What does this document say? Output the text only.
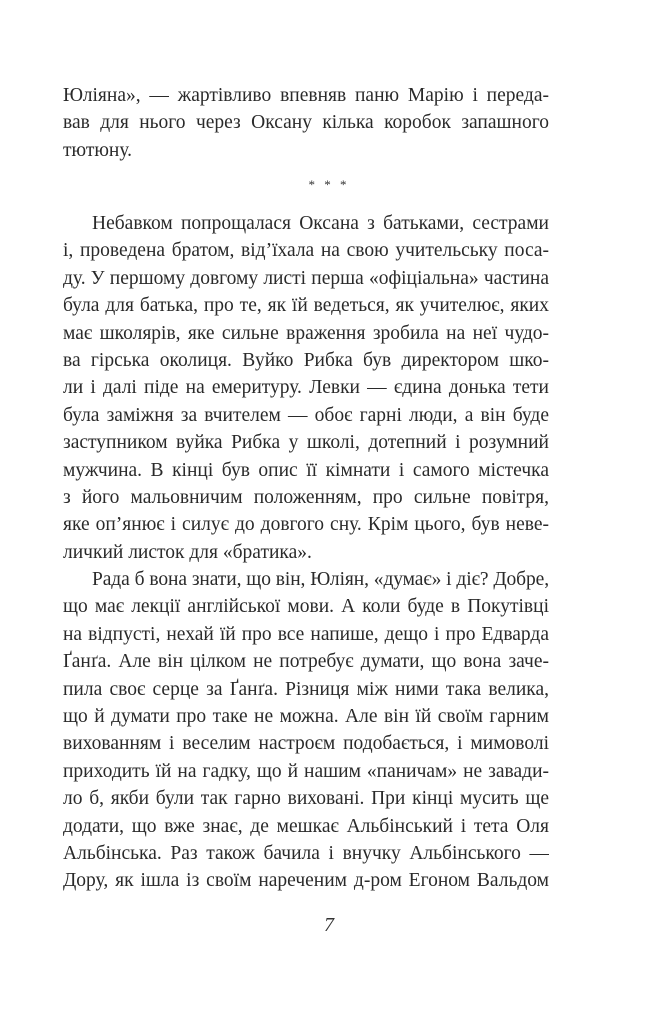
Юліяна», — жартівливо впевняв паню Марію і переда-
вав для нього через Оксану кілька коробок запашного
тютюну.
* * *
Небавком попрощалася Оксана з батьками, сестрами
і, проведена братом, від’їхала на свою учительську поса-
ду. У першому довгому листі перша «офіціальна» частина
була для батька, про те, як їй ведеться, як учителює, яких
має школярів, яке сильне враження зробила на неї чудо-
ва гірська околиця. Вуйко Рибка був директором шко-
ли і далі піде на емеритуру. Левки — єдина донька тети
була заміжня за вчителем — обоє гарні люди, а він буде
заступником вуйка Рибка у школі, дотепний і розумний
мужчина. В кінці був опис її кімнати і самого містечка
з його мальовничим положенням, про сильне повітря,
яке оп’янює і силує до довгого сну. Крім цього, був неве-
личкий листок для «братика».
Рада б вона знати, що він, Юліян, «думає» і діє? Добре,
що має лекції англійської мови. А коли буде в Покутівці
на відпусті, нехай їй про все напише, дещо і про Едварда
Ґанґа. Але він цілком не потребує думати, що вона заче-
пила своє серце за Ґанґа. Різниця між ними така велика,
що й думати про таке не можна. Але він їй своїм гарним
вихованням і веселим настроєм подобається, і мимоволі
приходить їй на гадку, що й нашим «паничам» не завади-
ло б, якби були так гарно виховані. При кінці мусить ще
додати, що вже знає, де мешкає Альбінський і тета Оля
Альбінська. Раз також бачила і внучку Альбінського —
Дору, як ішла із своїм нареченим д-ром Егоном Вальдом
7
